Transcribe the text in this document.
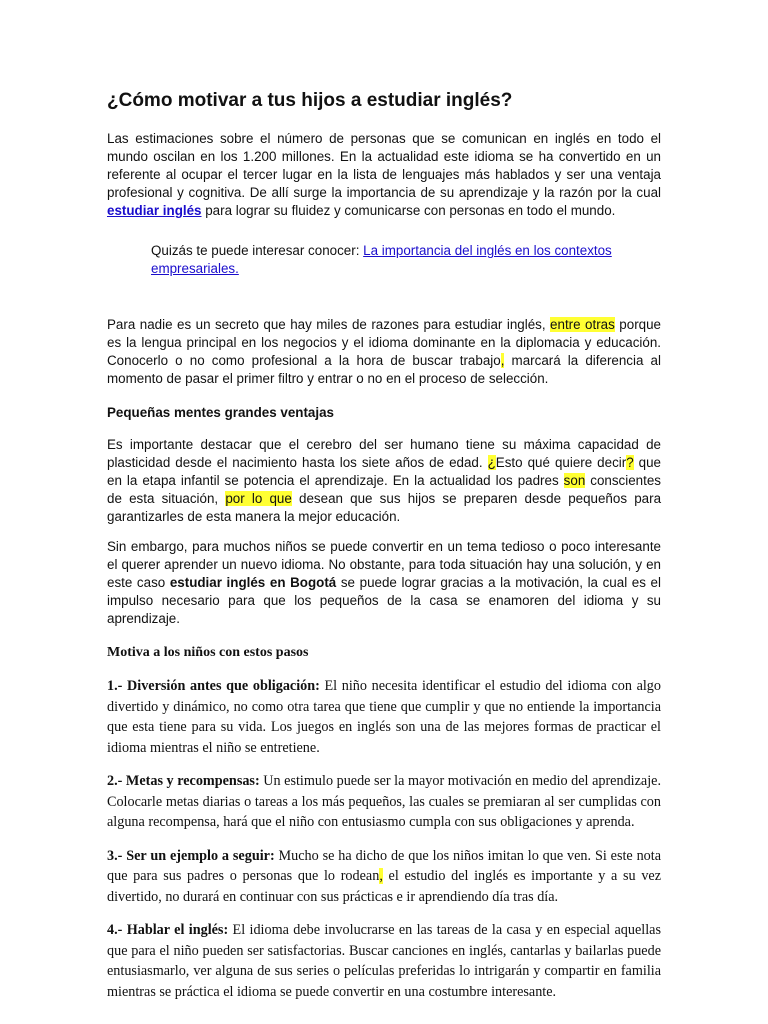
¿Cómo motivar a tus hijos a estudiar inglés?

Las estimaciones sobre el número de personas que se comunican en inglés en todo el mundo oscilan en los 1.200 millones. En la actualidad este idioma se ha convertido en un referente al ocupar el tercer lugar en la lista de lenguajes más hablados y ser una ventaja profesional y cognitiva. De allí surge la importancia de su aprendizaje y la razón por la cual estudiar inglés para lograr su fluidez y comunicarse con personas en todo el mundo.

Quizás te puede interesar conocer: La importancia del inglés en los contextos empresariales.

Para nadie es un secreto que hay miles de razones para estudiar inglés, entre otras porque es la lengua principal en los negocios y el idioma dominante en la diplomacia y educación. Conocerlo o no como profesional a la hora de buscar trabajo, marcará la diferencia al momento de pasar el primer filtro y entrar o no en el proceso de selección.

Pequeñas mentes grandes ventajas

Es importante destacar que el cerebro del ser humano tiene su máxima capacidad de plasticidad desde el nacimiento hasta los siete años de edad. ¿Esto qué quiere decir? que en la etapa infantil se potencia el aprendizaje. En la actualidad los padres son conscientes de esta situación, por lo que desean que sus hijos se preparen desde pequeños para garantizarles de esta manera la mejor educación.

Sin embargo, para muchos niños se puede convertir en un tema tedioso o poco interesante el querer aprender un nuevo idioma. No obstante, para toda situación hay una solución, y en este caso estudiar inglés en Bogotá se puede lograr gracias a la motivación, la cual es el impulso necesario para que los pequeños de la casa se enamoren del idioma y su aprendizaje.

Motiva a los niños con estos pasos

1.- Diversión antes que obligación: El niño necesita identificar el estudio del idioma con algo divertido y dinámico, no como otra tarea que tiene que cumplir y que no entiende la importancia que esta tiene para su vida. Los juegos en inglés son una de las mejores formas de practicar el idioma mientras el niño se entretiene.

2.- Metas y recompensas: Un estimulo puede ser la mayor motivación en medio del aprendizaje. Colocarle metas diarias o tareas a los más pequeños, las cuales se premiaran al ser cumplidas con alguna recompensa, hará que el niño con entusiasmo cumpla con sus obligaciones y aprenda.

3.- Ser un ejemplo a seguir: Mucho se ha dicho de que los niños imitan lo que ven. Si este nota que para sus padres o personas que lo rodean, el estudio del inglés es importante y a su vez divertido, no durará en continuar con sus prácticas e ir aprendiendo día tras día.

4.- Hablar el inglés: El idioma debe involucrarse en las tareas de la casa y en especial aquellas que para el niño pueden ser satisfactorias. Buscar canciones en inglés, cantarlas y bailarlas puede entusiasmarlo, ver alguna de sus series o películas preferidas lo intrigarán y compartir en familia mientras se práctica el idioma se puede convertir en una costumbre interesante.
